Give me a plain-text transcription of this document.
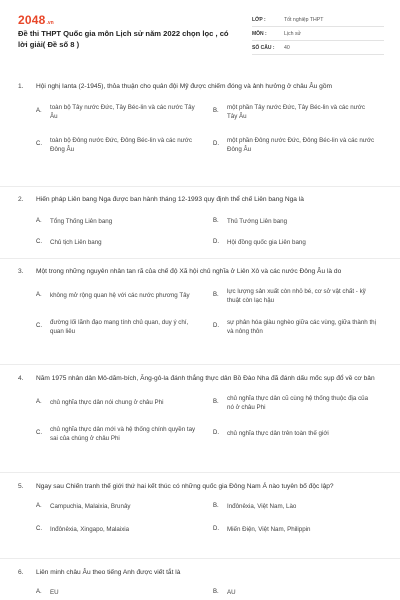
2048 .vn
Đề thi THPT Quốc gia môn Lịch sử năm 2022 chọn lọc , có lời giải( Đề số 8 )
LỚP :	Tốt nghiệp THPT
MÔN :	Lịch sử
SỐ CÂU :	40
1.	Hội nghị Ianta (2-1945), thỏa thuận cho quân đội Mỹ được chiếm đóng và ảnh hưởng ở châu Âu gồm
A.
toàn bộ Tây nước Đức, Tây Béc-lin và các nước Tây Âu
B.
một phần Tây nước Đức, Tây Béc-lin và các nước Tây Âu
C.
toàn bộ Đông nước Đức, Đông Béc-lin và các nước Đông Âu
D.
một phần Đông nước Đức, Đông Béc-lin và các nước Đông Âu
2.	Hiến pháp Liên bang Nga được ban hành tháng 12-1993 quy định thể chế Liên bang Nga là
A.	Tổng Thống Liên bang	B.	Thủ Tướng Liên bang
C.	Chủ tịch Liên bang	D.	Hội đồng quốc gia Liên bang
3.	Một trong những nguyên nhân tan rã của chế độ Xã hội chủ nghĩa ở Liên Xô và các nước Đông Âu là do
A.	không mở rộng quan hệ với các nước phương Tây	B.
lực lượng sản xuất còn nhỏ bé, cơ sở vật chất - kỹ thuật còn lạc hậu
C.
đường lối lãnh đạo mang tính chủ quan, duy ý chí, quan liêu
D.
sự phân hóa giàu nghèo giữa các vùng, giữa thành thị và nông thôn
4.	Năm 1975 nhân dân Mô-dăm-bích, Ăng-gô-la đánh thắng thực dân Bồ Đào Nha đã đánh dấu mốc sụp đổ về cơ bản
A.	chủ nghĩa thực dân nói chung ở châu Phi	B.
chủ nghĩa thực dân cũ cùng hệ thống thuộc địa của nó ở châu Phi
C.
chủ nghĩa thực dân mới và hệ thống chính quyền tay sai của chúng ở châu Phi
D.	chủ nghĩa thực dân trên toàn thế giới
5.	Ngay sau Chiến tranh thế giới thứ hai kết thúc có những quốc gia Đông Nam Á nào tuyên bố độc lập?
A.	Campuchia, Malaixia, Brunây	B.	Inđônêxia, Việt Nam, Lào
C.	Inđônêxia, Xingapo, Malaixia	D.	Miến Điện, Việt Nam, Philippin
6.	Liên minh châu Âu theo tiếng Anh được viết tắt là
A.	EU	B.	AU
